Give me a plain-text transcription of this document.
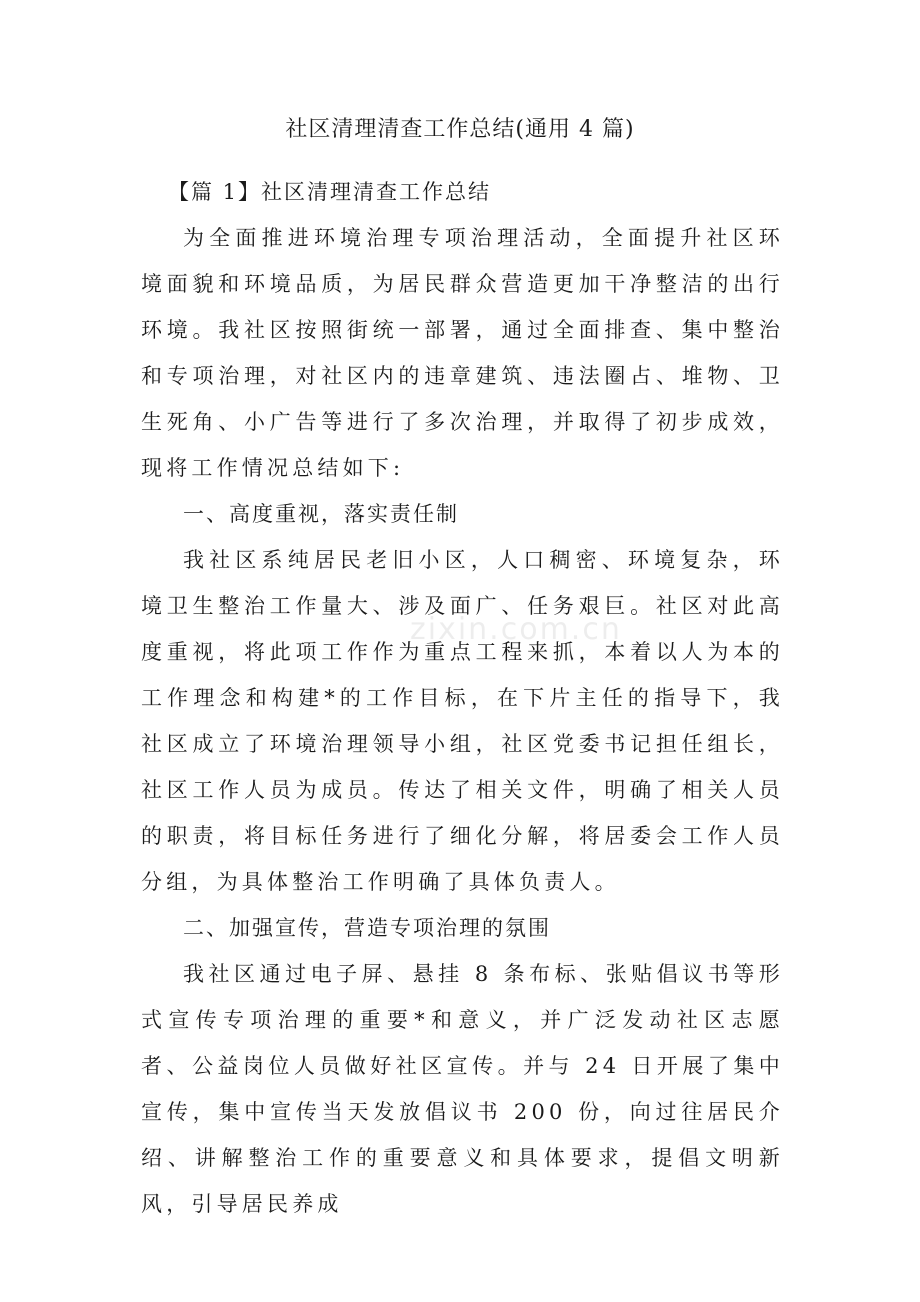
社区清理清查工作总结(通用 4 篇)
【篇 1】社区清理清查工作总结

为全面推进环境治理专项治理活动，全面提升社区环境面貌和环境品质，为居民群众营造更加干净整洁的出行环境。我社区按照街统一部署，通过全面排查、集中整治和专项治理，对社区内的违章建筑、违法圈占、堆物、卫生死角、小广告等进行了多次治理，并取得了初步成效，现将工作情况总结如下:

一、高度重视，落实责任制

我社区系纯居民老旧小区，人口稠密、环境复杂，环境卫生整治工作量大、涉及面广、任务艰巨。社区对此高度重视，将此项工作作为重点工程来抓，本着以人为本的工作理念和构建*的工作目标，在下片主任的指导下，我社区成立了环境治理领导小组，社区党委书记担任组长，社区工作人员为成员。传达了相关文件，明确了相关人员的职责，将目标任务进行了细化分解，将居委会工作人员分组，为具体整治工作明确了具体负责人。

二、加强宣传，营造专项治理的氛围

我社区通过电子屏、悬挂 8 条布标、张贴倡议书等形式宣传专项治理的重要*和意义，并广泛发动社区志愿者、公益岗位人员做好社区宣传。并与 24 日开展了集中宣传，集中宣传当天发放倡议书 200 份，向过往居民介绍、讲解整治工作的重要意义和具体要求，提倡文明新风，引导居民养成

zixin.com.cn
